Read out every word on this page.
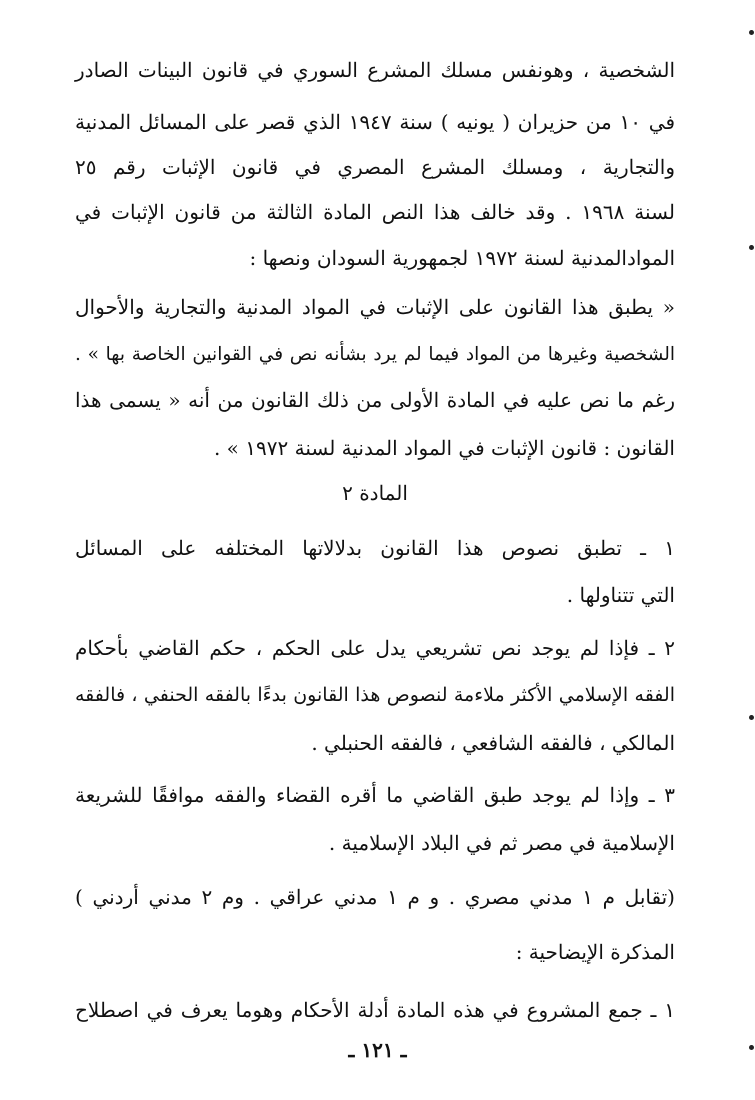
الشخصية ، وهونفس مسلك المشرع السوري في قانون البينات الصادر
في ١٠ من حزيران ( يونيه ) سنة ١٩٤٧ الذي قصر على المسائل المدنية
والتجارية ، ومسلك المشرع المصري في قانون الإثبات رقم ٢٥
لسنة ١٩٦٨ . وقد خالف هذا النص المادة الثالثة من قانون الإثبات في
الموادالمدنية لسنة ١٩٧٢ لجمهورية السودان ونصها :
« يطبق هذا القانون على الإثبات في المواد المدنية والتجارية والأحوال
الشخصية وغيرها من المواد فيما لم يرد بشأنه نص في القوانين الخاصة بها » .
رغم ما نص عليه في المادة الأولى من ذلك القانون من أنه « يسمى هذا
القانون : قانون الإثبات في المواد المدنية لسنة ١٩٧٢ » .
المادة ٢
١ ـ تطبق نصوص هذا القانون بدلالاتها المختلفه على المسائل
التي تتناولها .
٢ ـ فإذا لم يوجد نص تشريعي يدل على الحكم ، حكم القاضي بأحكام
الفقه الإسلامي الأكثر ملاءمة لنصوص هذا القانون بدءًا بالفقه الحنفي ، فالفقه
المالكي ، فالفقه الشافعي ، فالفقه الحنبلي .
٣ ـ وإذا لم يوجد طبق القاضي ما أقره القضاء والفقه موافقًا للشريعة
الإسلامية في مصر ثم في البلاد الإسلامية .
(تقابل م ١ مدني مصري . و م ١ مدني عراقي . وم ٢ مدني أردني )
المذكرة الإيضاحية :
١ ـ جمع المشروع في هذه المادة أدلة الأحكام وهوما يعرف في اصطلاح
ـ ١٢١ ـ
